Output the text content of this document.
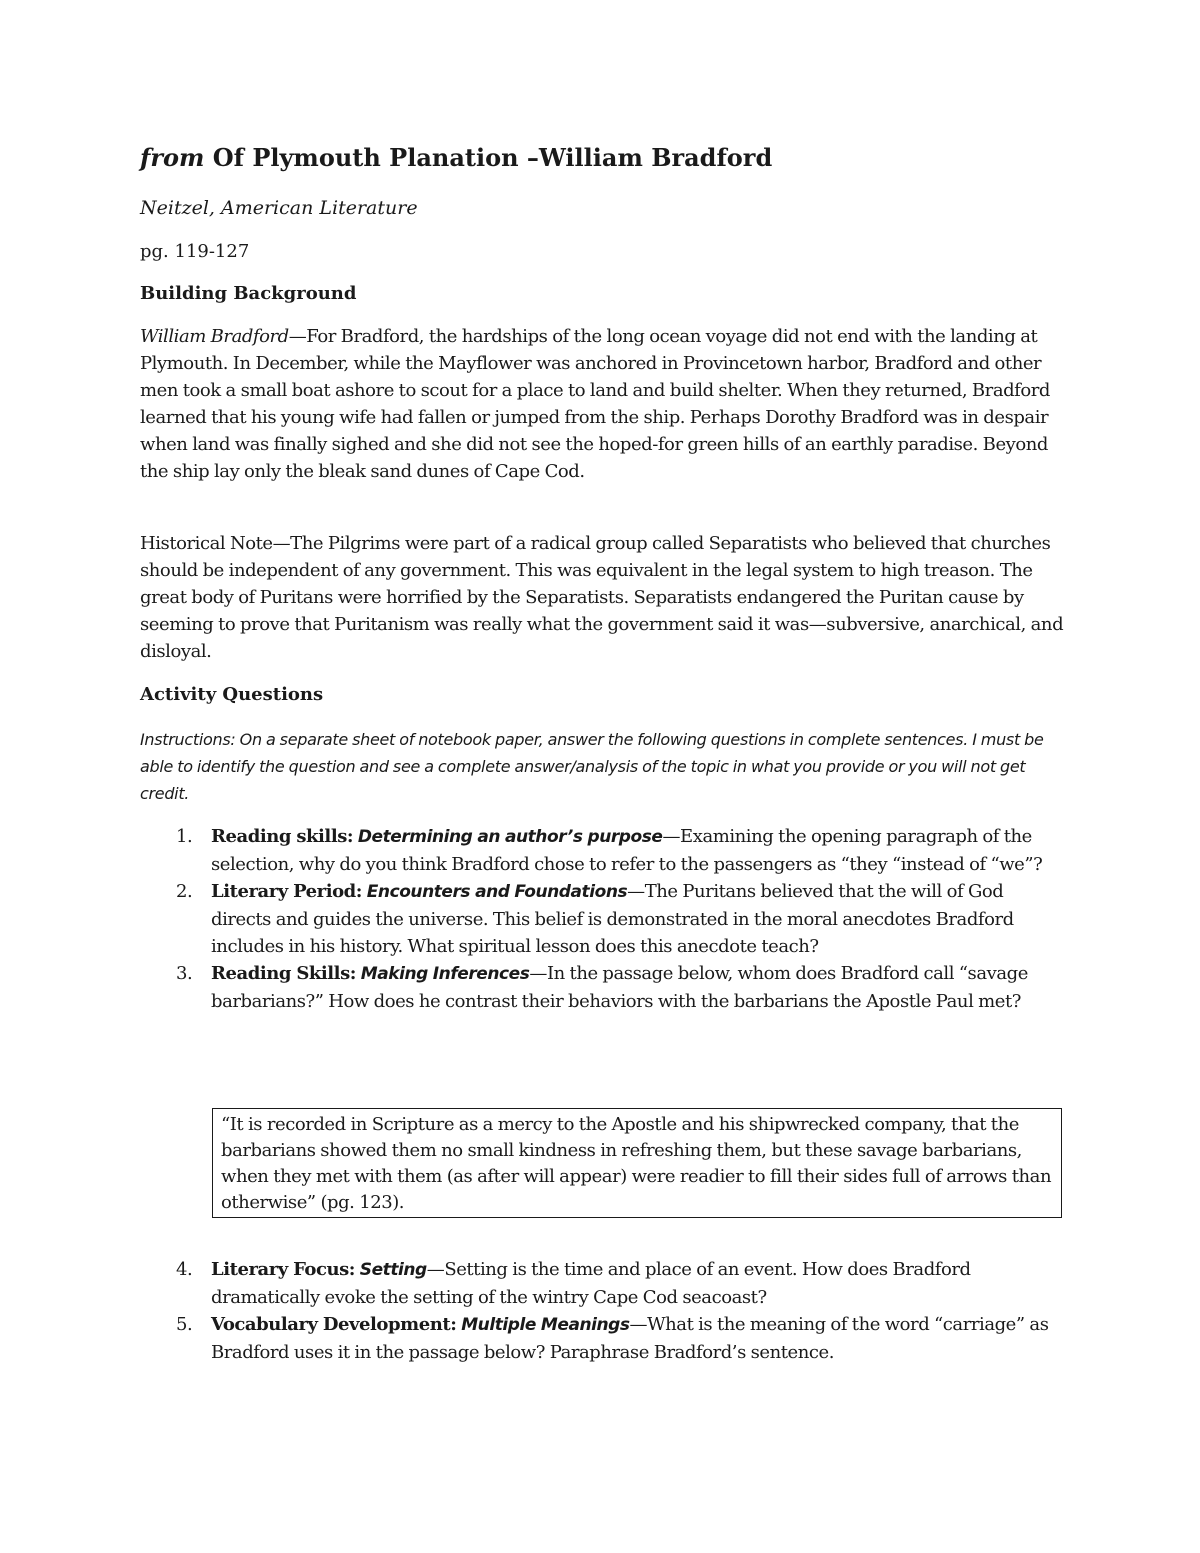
from Of Plymouth Planation –William Bradford
Neitzel, American Literature
pg. 119-127
Building Background
William Bradford—For Bradford, the hardships of the long ocean voyage did not end with the landing at Plymouth. In December, while the Mayflower was anchored in Provincetown harbor, Bradford and other men took a small boat ashore to scout for a place to land and build shelter. When they returned, Bradford learned that his young wife had fallen or jumped from the ship. Perhaps Dorothy Bradford was in despair when land was finally sighed and she did not see the hoped-for green hills of an earthly paradise. Beyond the ship lay only the bleak sand dunes of Cape Cod.
Historical Note—The Pilgrims were part of a radical group called Separatists who believed that churches should be independent of any government. This was equivalent in the legal system to high treason. The great body of Puritans were horrified by the Separatists. Separatists endangered the Puritan cause by seeming to prove that Puritanism was really what the government said it was—subversive, anarchical, and disloyal.
Activity Questions
Instructions: On a separate sheet of notebook paper, answer the following questions in complete sentences. I must be able to identify the question and see a complete answer/analysis of the topic in what you provide or you will not get credit.
1. Reading skills: Determining an author’s purpose—Examining the opening paragraph of the selection, why do you think Bradford chose to refer to the passengers as “they “instead of “we”?
2. Literary Period: Encounters and Foundations—The Puritans believed that the will of God directs and guides the universe. This belief is demonstrated in the moral anecdotes Bradford includes in his history. What spiritual lesson does this anecdote teach?
3. Reading Skills: Making Inferences—In the passage below, whom does Bradford call “savage barbarians?” How does he contrast their behaviors with the barbarians the Apostle Paul met?
“It is recorded in Scripture as a mercy to the Apostle and his shipwrecked company, that the barbarians showed them no small kindness in refreshing them, but these savage barbarians, when they met with them (as after will appear) were readier to fill their sides full of arrows than otherwise” (pg. 123).
4. Literary Focus: Setting—Setting is the time and place of an event. How does Bradford dramatically evoke the setting of the wintry Cape Cod seacoast?
5. Vocabulary Development: Multiple Meanings—What is the meaning of the word “carriage” as Bradford uses it in the passage below? Paraphrase Bradford’s sentence.
